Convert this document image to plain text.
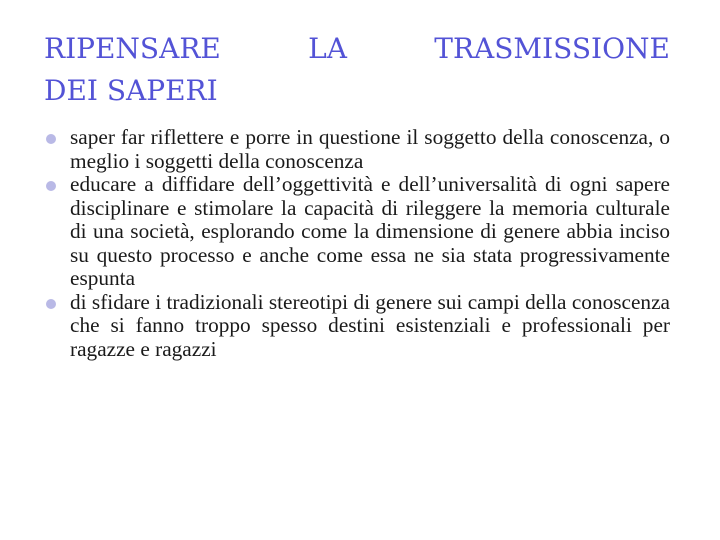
RIPENSARE LA TRASMISSIONE
DEI SAPERI
saper far riflettere e porre in questione il soggetto della conoscenza, o meglio i soggetti della conoscenza
educare a diffidare dell’oggettività e dell’universalità di ogni sapere disciplinare e stimolare la capacità di rileggere la memoria culturale di una società, esplorando come la dimensione di genere abbia inciso su questo processo e anche come essa ne sia stata progressivamente espunta
di sfidare i tradizionali stereotipi di genere sui campi della conoscenza che si fanno troppo spesso destini esistenziali e professionali per ragazze e ragazzi
